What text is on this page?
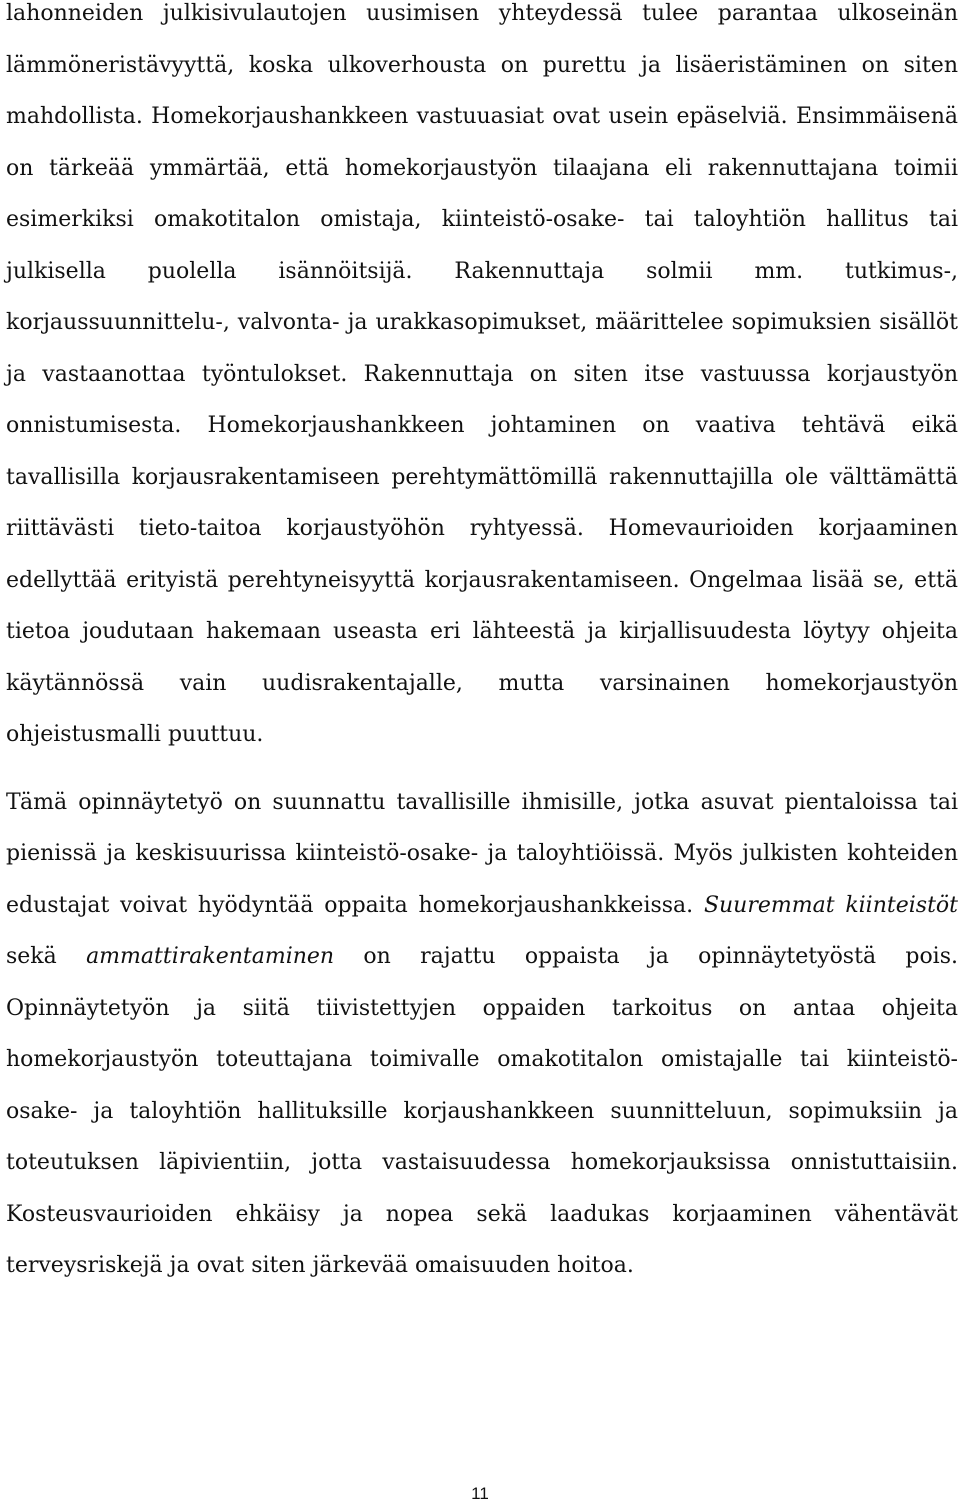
lahonneiden julkisivulautojen uusimisen yhteydessä tulee parantaa ulkoseinän lämmöneristävyyttä, koska ulkoverhousta on purettu ja lisäeristäminen on siten mahdollista. Homekorjaushankkeen vastuuasiat ovat usein epäselviä. Ensimmäisenä on tärkeää ymmärtää, että homekorjaustyön tilaajana eli rakennuttajana toimii esimerkiksi omakotitalon omistaja, kiinteistö-osake- tai taloyhtiön hallitus tai julkisella puolella isännöitsijä. Rakennuttaja solmii mm. tutkimus-, korjaussuunnittelu-, valvonta- ja urakkasopimukset, määrittelee sopimuksien sisällöt ja vastaanottaa työntulokset. Rakennuttaja on siten itse vastuussa korjaustyön onnistumisesta. Homekorjaushankkeen johtaminen on vaativa tehtävä eikä tavallisilla korjausrakentamiseen perehtymättömillä rakennuttajilla ole välttämättä riittävästi tieto-taitoa korjaustyöhön ryhtyessä. Homevaurioiden korjaaminen edellyttää erityistä perehtyneisyyttä korjausrakentamiseen. Ongelmaa lisää se, että tietoa joudutaan hakemaan useasta eri lähteestä ja kirjallisuudesta löytyy ohjeita käytännössä vain uudisrakentajalle, mutta varsinainen homekorjaustyön ohjeistusmalli puuttuu.

Tämä opinnäytetyö on suunnattu tavallisille ihmisille, jotka asuvat pientaloissa tai pienissä ja keskisuurissa kiinteistö-osake- ja taloyhtiöissä. Myös julkisten kohteiden edustajat voivat hyödyntää oppaita homekorjaushankkeissa. Suuremmat kiinteistöt sekä ammattirakentaminen on rajattu oppaista ja opinnäytetyöstä pois. Opinnäytetyön ja siitä tiivistettyjen oppaiden tarkoitus on antaa ohjeita homekorjaustyön toteuttajana toimivalle omakotitalon omistajalle tai kiinteistö-osake- ja taloyhtiön hallituksille korjaushankkeen suunnitteluun, sopimuksiin ja toteutuksen läpivientiin, jotta vastaisuudessa homekorjauksissa onnistuttaisiin. Kosteusvaurioiden ehkäisy ja nopea sekä laadukas korjaaminen vähentävät terveysriskejä ja ovat siten järkevää omaisuuden hoitoa.

11
